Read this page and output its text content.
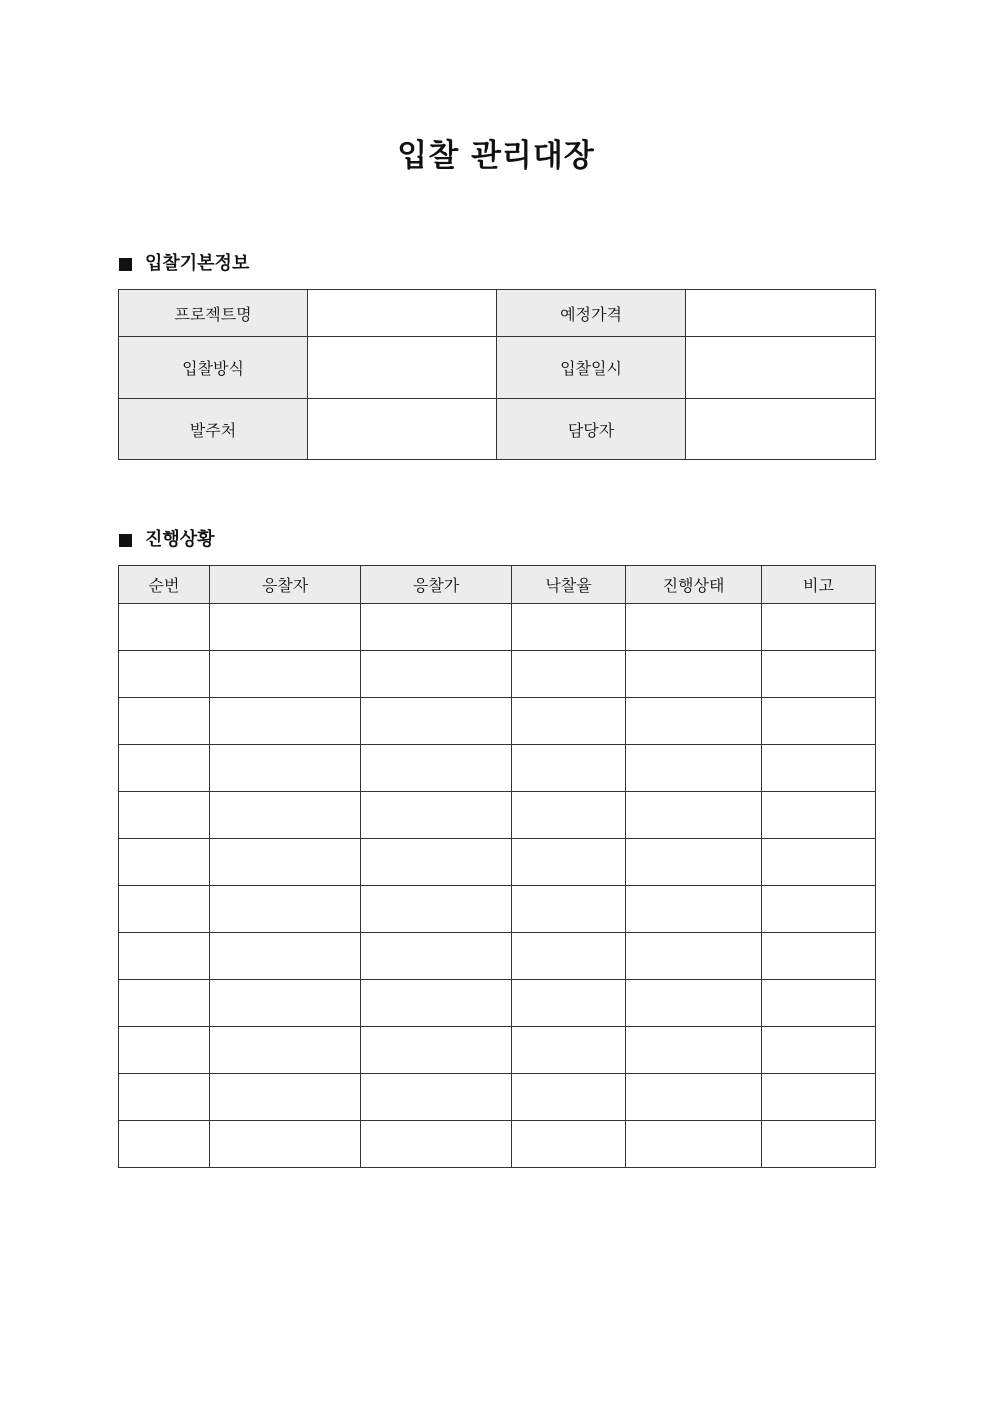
입찰 관리대장
입찰기본정보
프로젝트명		예정가격	
입찰방식		입찰일시	
발주처		담당자	
진행상황
순번	응찰자	응찰가	낙찰율	진행상태	비고
